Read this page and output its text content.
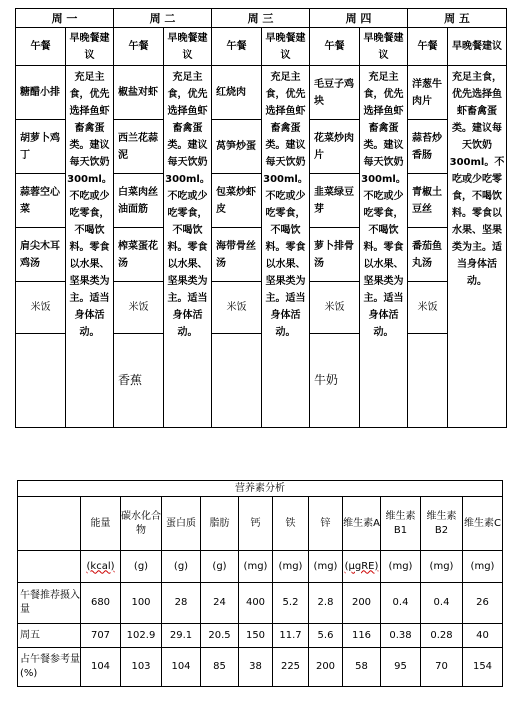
周 一		周 二		周 三		周 四		周 五	
午餐	早晚餐建议	午餐	早晚餐建议	午餐	早晚餐建议	午餐	早晚餐建议	午餐	早晚餐建议
糖醋小排	充足主食，优先选择鱼虾畜禽蛋类。建议每天饮奶300ml。不吃或少吃零食，不喝饮料。零食以水果、坚果类为主。适当身体活动。	椒盐对虾	充足主食，优先选择鱼虾畜禽蛋类。建议每天饮奶300ml。不吃或少吃零食，不喝饮料。零食以水果、坚果类为主。适当身体活动。	红烧肉	充足主食，优先选择鱼虾畜禽蛋类。建议每天饮奶300ml。不吃或少吃零食，不喝饮料。零食以水果、坚果类为主。适当身体活动。	毛豆子鸡块	充足主食，优先选择鱼虾畜禽蛋类。建议每天饮奶300ml。不吃或少吃零食，不喝饮料。零食以水果、坚果类为主。适当身体活动。	洋葱牛肉片	充足主食，优先选择鱼虾畜禽蛋类。建议每天饮奶300ml。不吃或少吃零食，不喝饮料。零食以水果、坚果类为主。适当身体活动。
胡萝卜鸡丁		西兰花蒜泥		莴笋炒蛋		花菜炒肉片		蒜苔炒香肠	
蒜蓉空心菜		白菜肉丝油面筋		包菜炒虾皮		韭菜绿豆芽		青椒土豆丝	
肩尖木耳鸡汤		榨菜蛋花汤		海带骨丝汤		萝卜排骨汤		番茄鱼丸汤	
米饭		米饭		米饭		米饭		米饭	
		香蕉				牛奶			
营养素分析											
	能量	碳水化合物	蛋白质	脂肪	钙	铁	锌	维生素A	维生素B1	维生素B2	维生素C
	(kcal)	(g)	(g)	(g)	(mg)	(mg)	(mg)	(μgRE)	(mg)	(mg)	(mg)
午餐推荐摄入量	680	100	28	24	400	5.2	2.8	200	0.4	0.4	26
周五	707	102.9	29.1	20.5	150	11.7	5.6	116	0.38	0.28	40
占午餐参考量(%)	104	103	104	85	38	225	200	58	95	70	154
